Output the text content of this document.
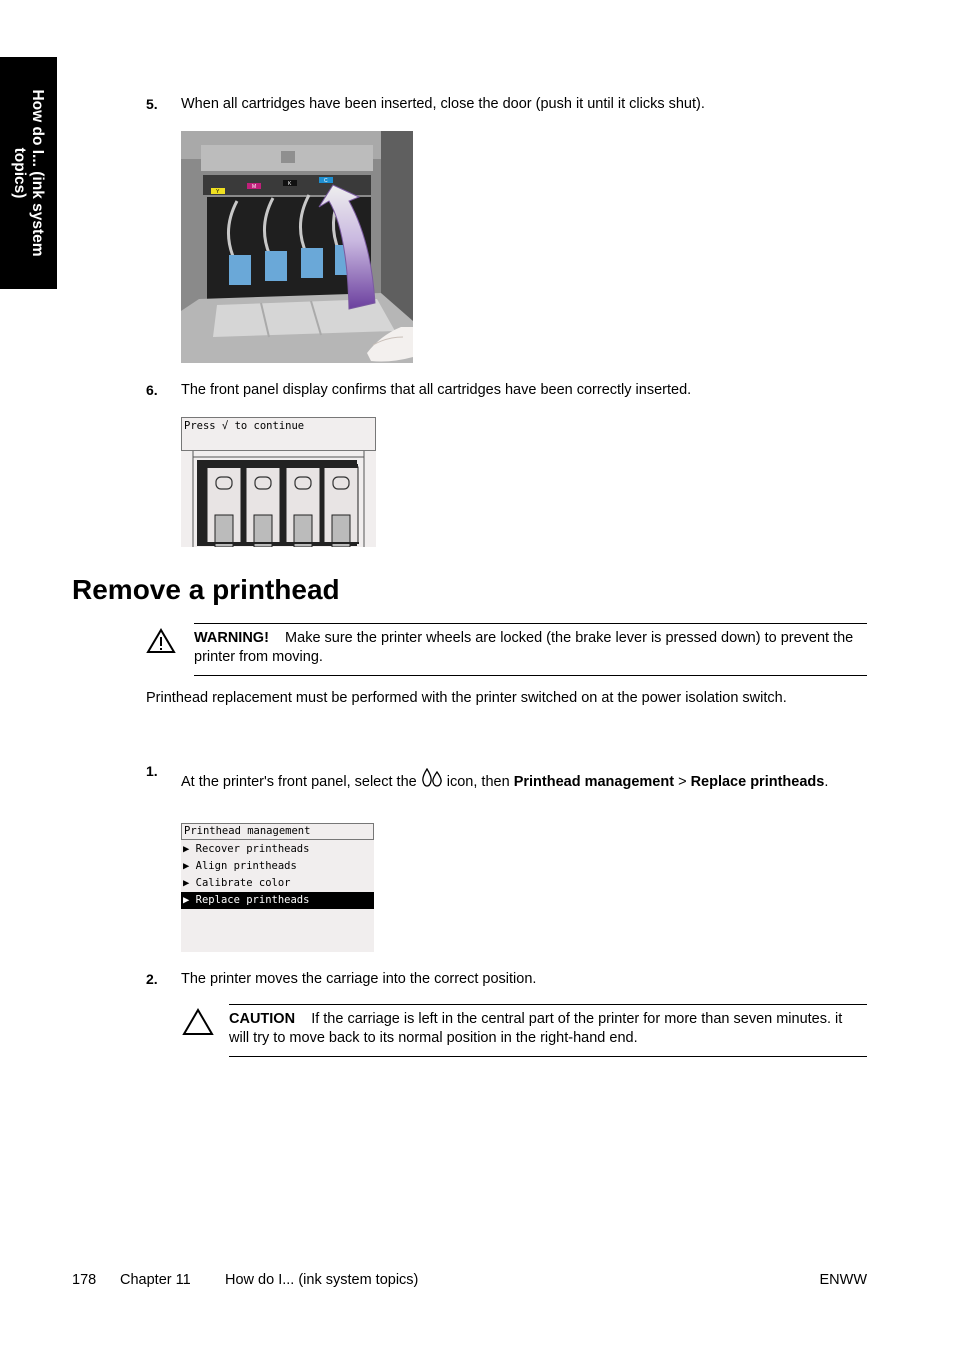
How do I... (ink system
topics)
5. When all cartridges have been inserted, close the door (push it until it clicks shut).
Y
M	K	C
6. The front panel display confirms that all cartridges have been correctly inserted.
Press √ to continue
Remove a printhead
WARNING! Make sure the printer wheels are locked (the brake lever is pressed down) to prevent the printer from moving.
Printhead replacement must be performed with the printer switched on at the power isolation switch.
1.
At the printer's front panel, select the icon, then Printhead management > Replace printheads.
Printhead management
▶ Recover printheads
▶ Align printheads
▶ Calibrate color
▶ Replace printheads
2. The printer moves the carriage into the correct position.
CAUTION If the carriage is left in the central part of the printer for more than seven minutes. it will try to move back to its normal position in the right-hand end.
178 Chapter 11 How do I... (ink system topics)	ENWW
